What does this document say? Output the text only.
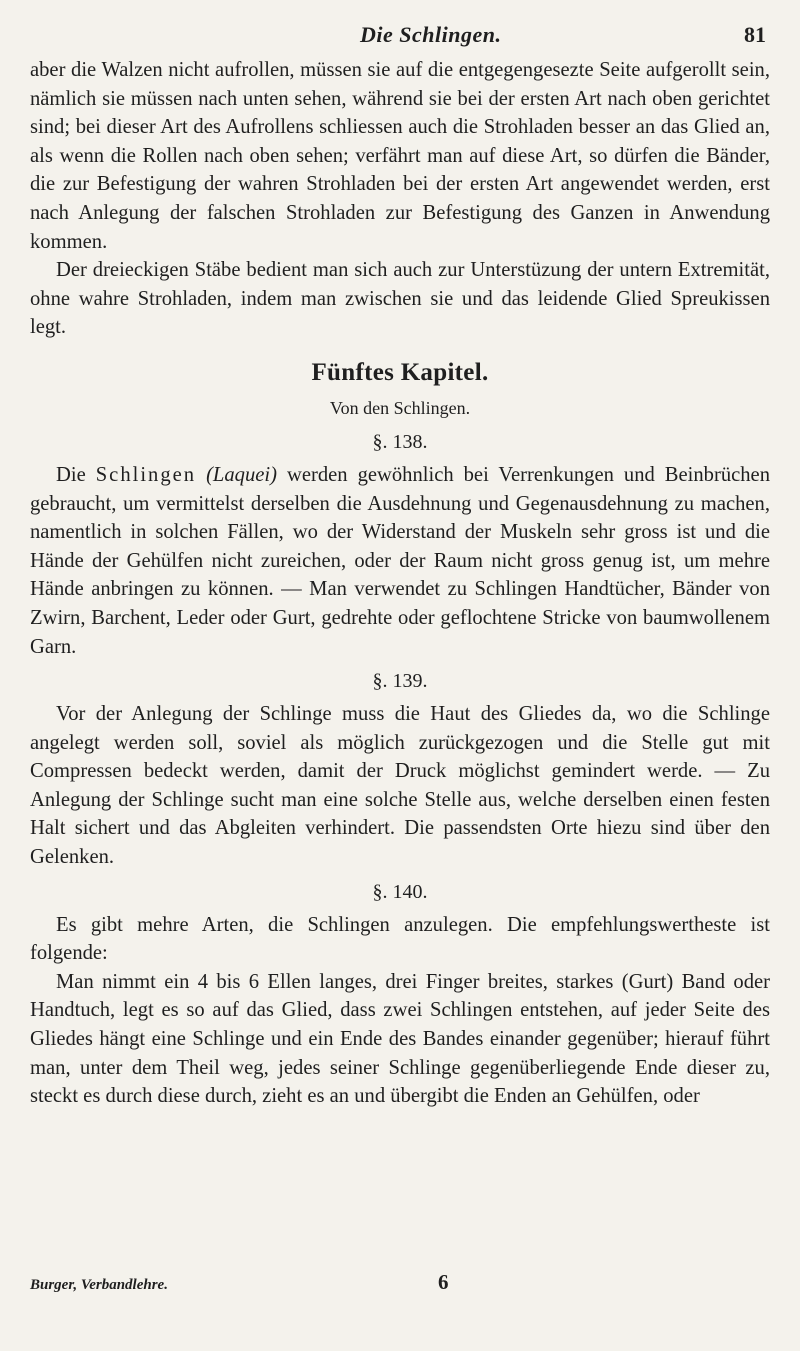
Die Schlingen.	81

aber die Walzen nicht aufrollen, müssen sie auf die entgegengesezte Seite aufgerollt sein, nämlich sie müssen nach unten sehen, während sie bei der ersten Art nach oben gerichtet sind; bei dieser Art des Aufrollens schliessen auch die Strohladen besser an das Glied an, als wenn die Rollen nach oben sehen; verfährt man auf diese Art, so dürfen die Bänder, die zur Befestigung der wahren Strohladen bei der ersten Art angewendet werden, erst nach Anlegung der falschen Strohladen zur Befestigung des Ganzen in Anwendung kommen.

Der dreieckigen Stäbe bedient man sich auch zur Unterstüzung der untern Extremität, ohne wahre Strohladen, indem man zwischen sie und das leidende Glied Spreukissen legt.

Fünftes Kapitel.
Von den Schlingen.
§. 138.

Die Schlingen (Laquei) werden gewöhnlich bei Verrenkungen und Beinbrüchen gebraucht, um vermittelst derselben die Ausdehnung und Gegenausdehnung zu machen, namentlich in solchen Fällen, wo der Widerstand der Muskeln sehr gross ist und die Hände der Gehülfen nicht zureichen, oder der Raum nicht gross genug ist, um mehre Hände anbringen zu können. — Man verwendet zu Schlingen Handtücher, Bänder von Zwirn, Barchent, Leder oder Gurt, gedrehte oder geflochtene Stricke von baumwollenem Garn.

§. 139.

Vor der Anlegung der Schlinge muss die Haut des Gliedes da, wo die Schlinge angelegt werden soll, soviel als möglich zurückgezogen und die Stelle gut mit Compressen bedeckt werden, damit der Druck möglichst gemindert werde. — Zu Anlegung der Schlinge sucht man eine solche Stelle aus, welche derselben einen festen Halt sichert und das Abgleiten verhindert. Die passendsten Orte hiezu sind über den Gelenken.

§. 140.

Es gibt mehre Arten, die Schlingen anzulegen. Die empfehlungswertheste ist folgende:

Man nimmt ein 4 bis 6 Ellen langes, drei Finger breites, starkes (Gurt) Band oder Handtuch, legt es so auf das Glied, dass zwei Schlingen entstehen, auf jeder Seite des Gliedes hängt eine Schlinge und ein Ende des Bandes einander gegenüber; hierauf führt man, unter dem Theil weg, jedes seiner Schlinge gegenüberliegende Ende dieser zu, steckt es durch diese durch, zieht es an und übergibt die Enden an Gehülfen, oder

Burger, Verbandlehre.	6
